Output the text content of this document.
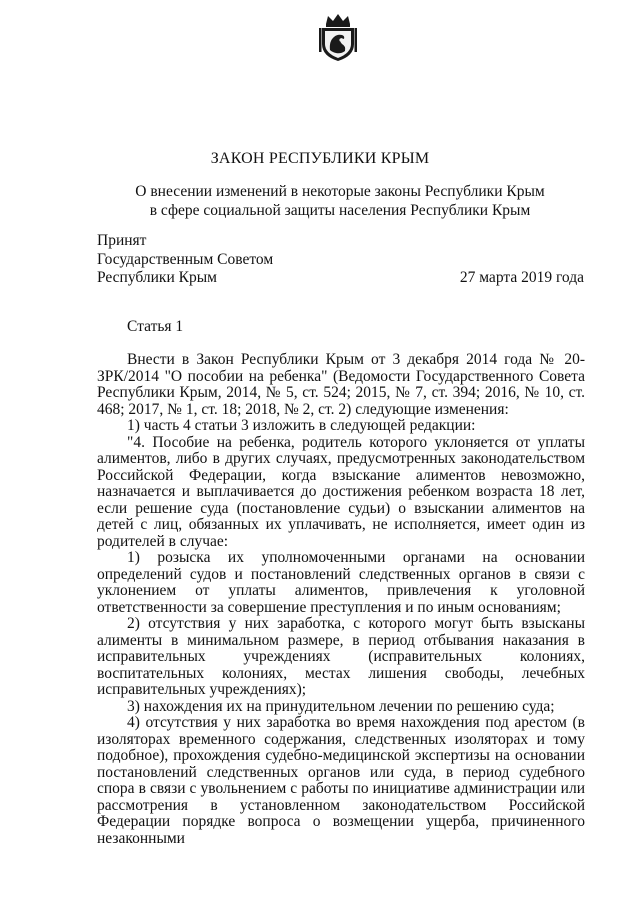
ЗАКОН РЕСПУБЛИКИ КРЫМ
О внесении изменений в некоторые законы Республики Крым
в сфере социальной защиты населения Республики Крым
Принят
Государственным Советом
Республики Крым	27 марта 2019 года
Статья 1

Внести в Закон Республики Крым от 3 декабря 2014 года № 20-ЗРК/2014 "О пособии на ребенка" (Ведомости Государственного Совета Республики Крым, 2014, № 5, ст. 524; 2015, № 7, ст. 394; 2016, № 10, ст. 468; 2017, № 1, ст. 18; 2018, № 2, ст. 2) следующие изменения:

1) часть 4 статьи 3 изложить в следующей редакции:

"4. Пособие на ребенка, родитель которого уклоняется от уплаты алиментов, либо в других случаях, предусмотренных законодательством Российской Федерации, когда взыскание алиментов невозможно, назначается и выплачивается до достижения ребенком возраста 18 лет, если решение суда (постановление судьи) о взыскании алиментов на детей с лиц, обязанных их уплачивать, не исполняется, имеет один из родителей в случае:

1) розыска их уполномоченными органами на основании определений судов и постановлений следственных органов в связи с уклонением от уплаты алиментов, привлечения к уголовной ответственности за совершение преступления и по иным основаниям;

2) отсутствия у них заработка, с которого могут быть взысканы алименты в минимальном размере, в период отбывания наказания в исправительных учреждениях (исправительных колониях, воспитательных колониях, местах лишения свободы, лечебных исправительных учреждениях);

3) нахождения их на принудительном лечении по решению суда;

4) отсутствия у них заработка во время нахождения под арестом (в изоляторах временного содержания, следственных изоляторах и тому подобное), прохождения судебно-медицинской экспертизы на основании постановлений следственных органов или суда, в период судебного спора в связи с увольнением с работы по инициативе администрации или рассмотрения в установленном законодательством Российской Федерации порядке вопроса о возмещении ущерба, причиненного незаконными
